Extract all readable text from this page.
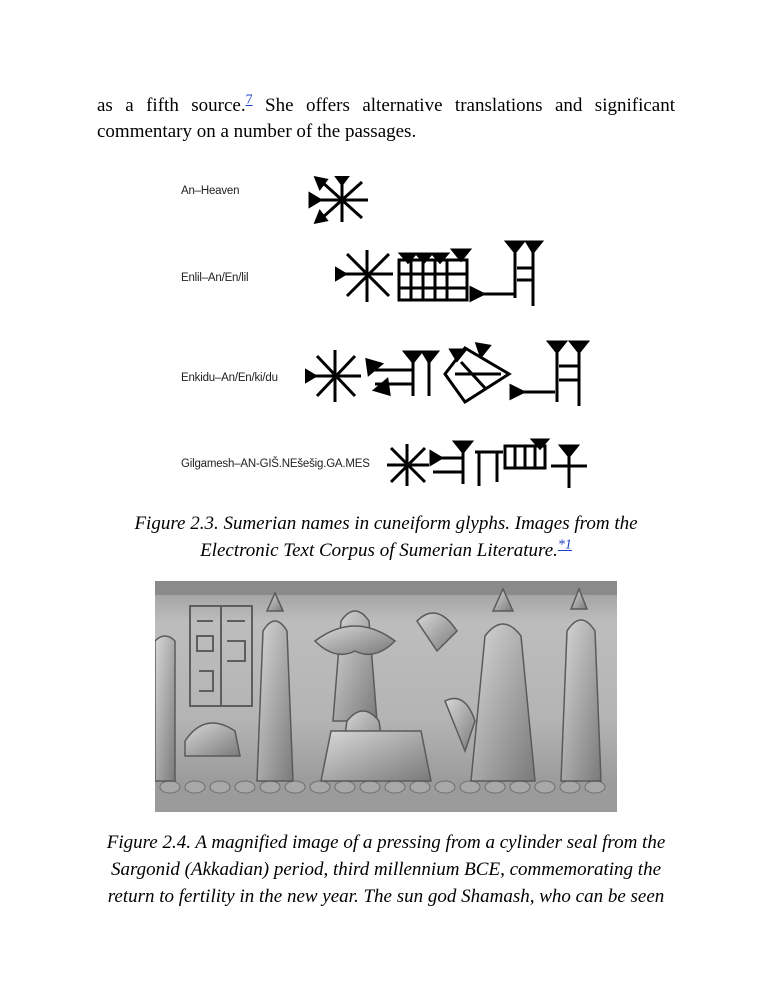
as a fifth source.$^7$ She offers alternative translations and significant
commentary on a number of the passages.
An–Heaven
Enlil–An/En/lil
Enkidu–An/En/ki/du
Gilgamesh–AN-GIŠ.NEšešig.GA.MES
Figure 2.3. Sumerian names in cuneiform glyphs. Images from the
Electronic Text Corpus of Sumerian Literature.$^{*1}$
Figure 2.4. A magnified image of a pressing from a cylinder seal from the
Sargonid (Akkadian) period, third millennium BCE, commemorating the
return to fertility in the new year. The sun god Shamash, who can be seen
